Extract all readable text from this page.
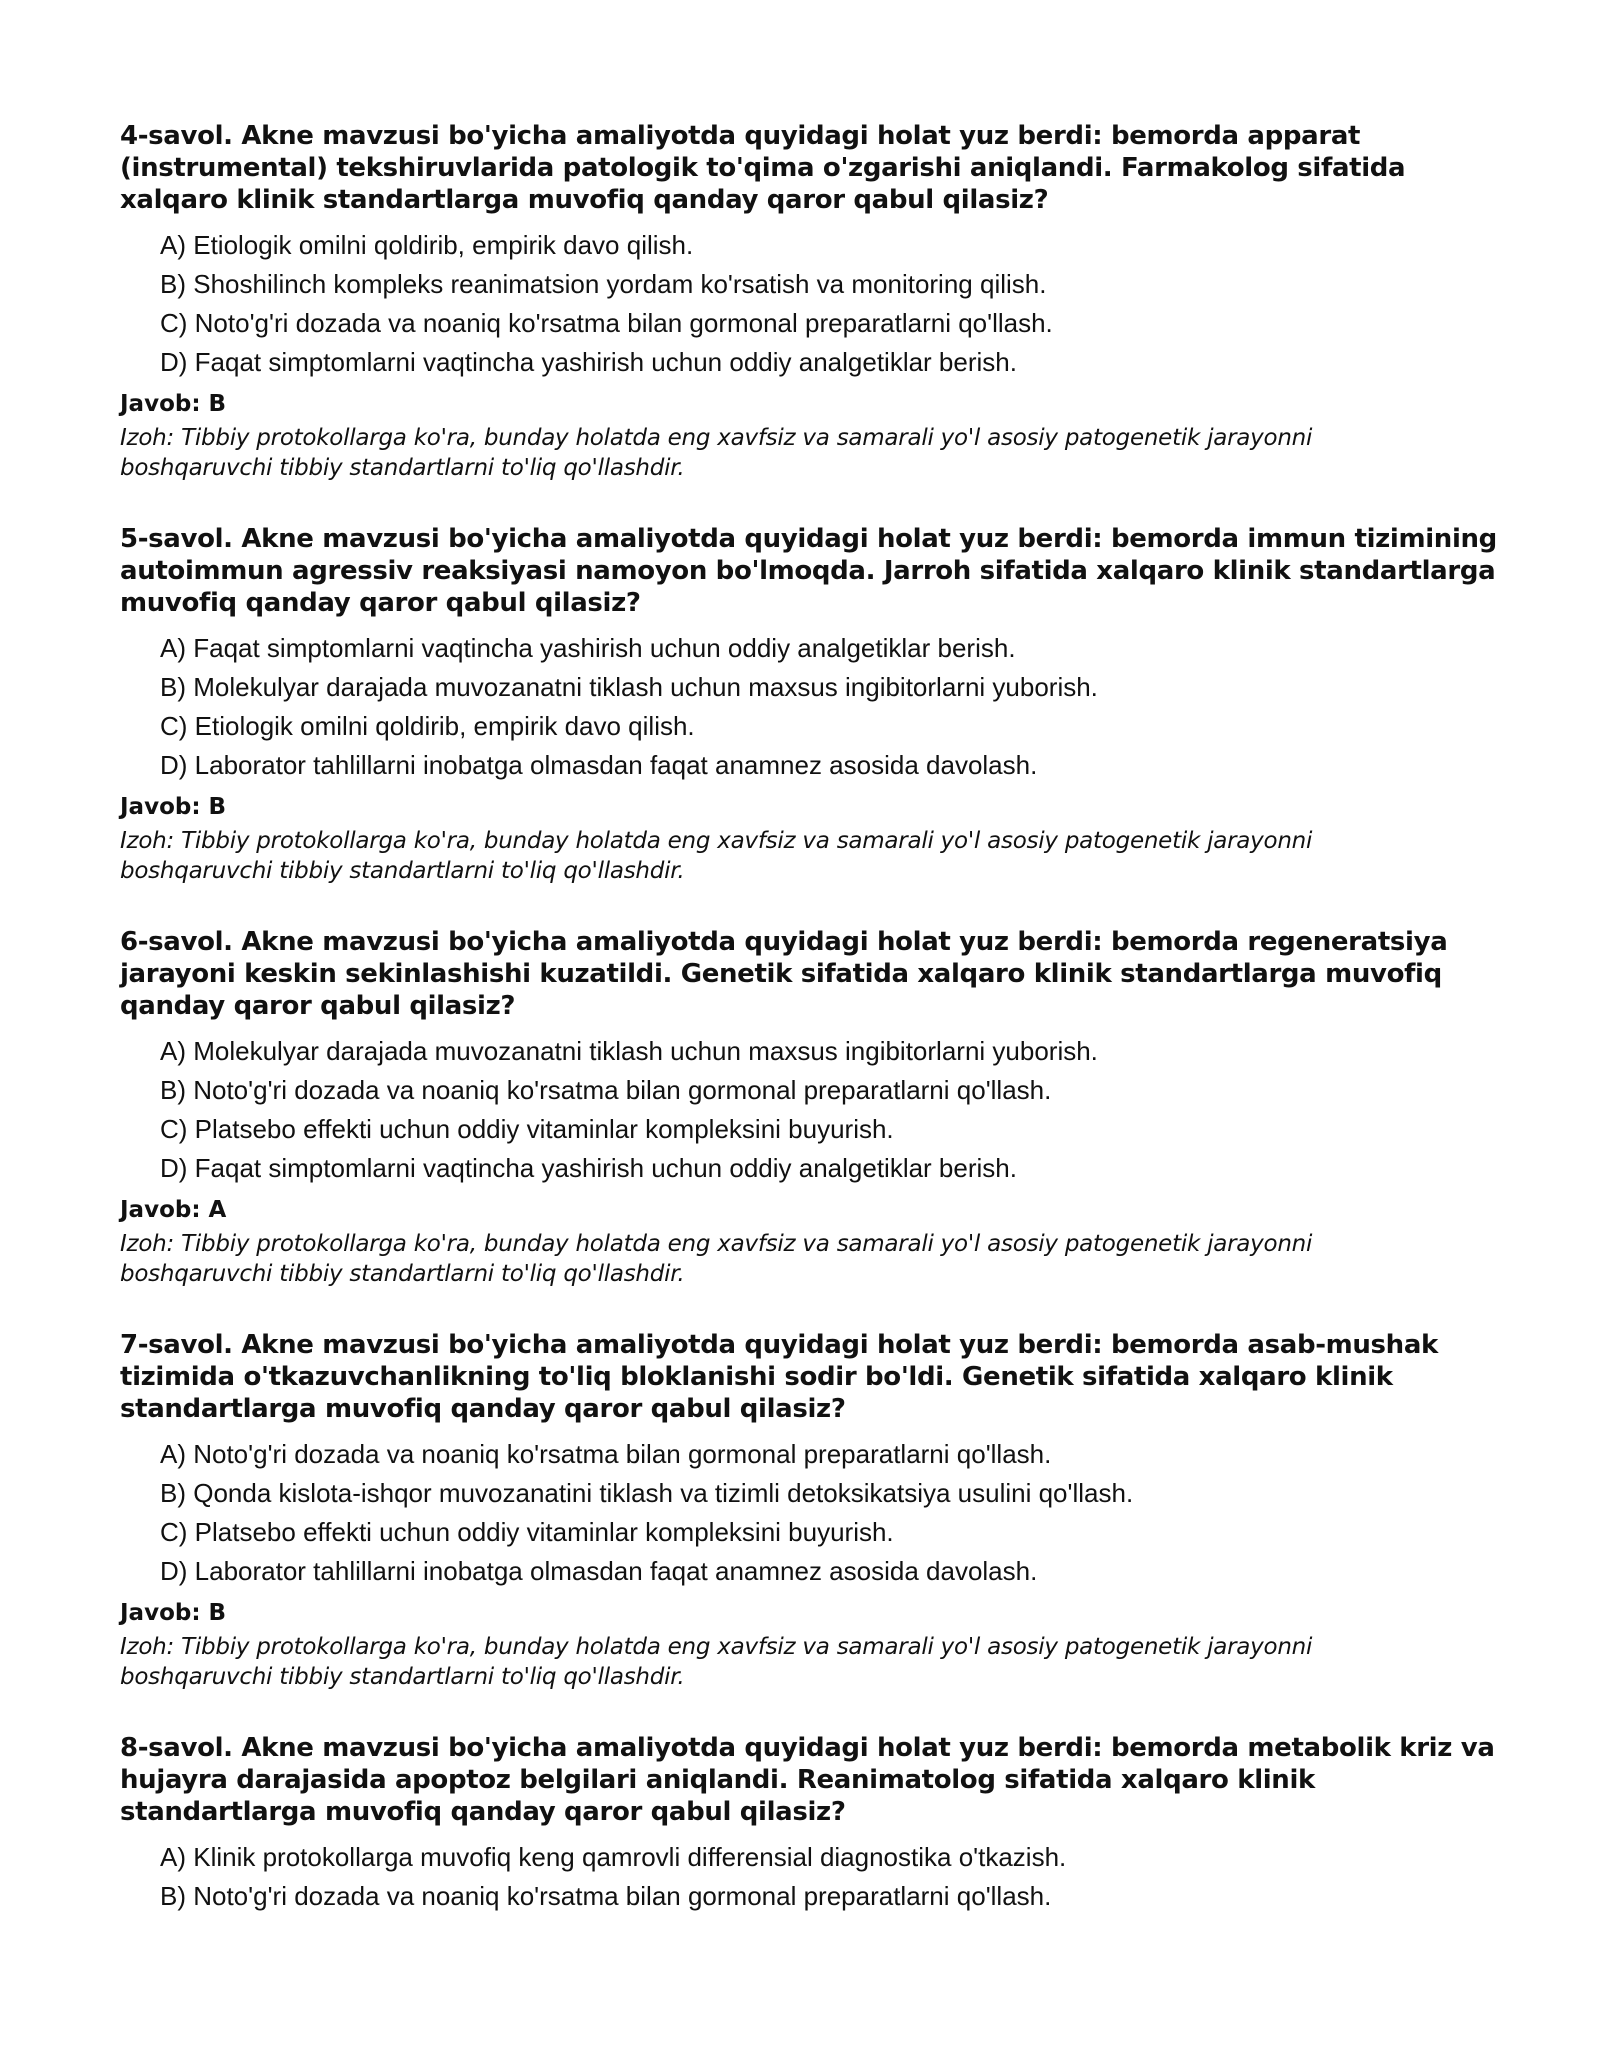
4-savol. Akne mavzusi bo'yicha amaliyotda quyidagi holat yuz berdi: bemorda apparat (instrumental) tekshiruvlarida patologik to'qima o'zgarishi aniqlandi. Farmakolog sifatida xalqaro klinik standartlarga muvofiq qanday qaror qabul qilasiz?

A) Etiologik omilni qoldirib, empirik davo qilish.
B) Shoshilinch kompleks reanimatsion yordam ko'rsatish va monitoring qilish.
C) Noto'g'ri dozada va noaniq ko'rsatma bilan gormonal preparatlarni qo'llash.
D) Faqat simptomlarni vaqtincha yashirish uchun oddiy analgetiklar berish.
Javob: B
Izoh: Tibbiy protokollarga ko'ra, bunday holatda eng xavfsiz va samarali yo'l asosiy patogenetik jarayonni boshqaruvchi tibbiy standartlarni to'liq qo'llashdir.

5-savol. Akne mavzusi bo'yicha amaliyotda quyidagi holat yuz berdi: bemorda immun tizimining autoimmun agressiv reaksiyasi namoyon bo'lmoqda. Jarroh sifatida xalqaro klinik standartlarga muvofiq qanday qaror qabul qilasiz?

A) Faqat simptomlarni vaqtincha yashirish uchun oddiy analgetiklar berish.
B) Molekulyar darajada muvozanatni tiklash uchun maxsus ingibitorlarni yuborish.
C) Etiologik omilni qoldirib, empirik davo qilish.
D) Laborator tahlillarni inobatga olmasdan faqat anamnez asosida davolash.
Javob: B
Izoh: Tibbiy protokollarga ko'ra, bunday holatda eng xavfsiz va samarali yo'l asosiy patogenetik jarayonni boshqaruvchi tibbiy standartlarni to'liq qo'llashdir.

6-savol. Akne mavzusi bo'yicha amaliyotda quyidagi holat yuz berdi: bemorda regeneratsiya jarayoni keskin sekinlashishi kuzatildi. Genetik sifatida xalqaro klinik standartlarga muvofiq qanday qaror qabul qilasiz?

A) Molekulyar darajada muvozanatni tiklash uchun maxsus ingibitorlarni yuborish.
B) Noto'g'ri dozada va noaniq ko'rsatma bilan gormonal preparatlarni qo'llash.
C) Platsebo effekti uchun oddiy vitaminlar kompleksini buyurish.
D) Faqat simptomlarni vaqtincha yashirish uchun oddiy analgetiklar berish.
Javob: A
Izoh: Tibbiy protokollarga ko'ra, bunday holatda eng xavfsiz va samarali yo'l asosiy patogenetik jarayonni boshqaruvchi tibbiy standartlarni to'liq qo'llashdir.

7-savol. Akne mavzusi bo'yicha amaliyotda quyidagi holat yuz berdi: bemorda asab-mushak tizimida o'tkazuvchanlikning to'liq bloklanishi sodir bo'ldi. Genetik sifatida xalqaro klinik standartlarga muvofiq qanday qaror qabul qilasiz?

A) Noto'g'ri dozada va noaniq ko'rsatma bilan gormonal preparatlarni qo'llash.
B) Qonda kislota-ishqor muvozanatini tiklash va tizimli detoksikatsiya usulini qo'llash.
C) Platsebo effekti uchun oddiy vitaminlar kompleksini buyurish.
D) Laborator tahlillarni inobatga olmasdan faqat anamnez asosida davolash.
Javob: B
Izoh: Tibbiy protokollarga ko'ra, bunday holatda eng xavfsiz va samarali yo'l asosiy patogenetik jarayonni boshqaruvchi tibbiy standartlarni to'liq qo'llashdir.

8-savol. Akne mavzusi bo'yicha amaliyotda quyidagi holat yuz berdi: bemorda metabolik kriz va hujayra darajasida apoptoz belgilari aniqlandi. Reanimatolog sifatida xalqaro klinik standartlarga muvofiq qanday qaror qabul qilasiz?

A) Klinik protokollarga muvofiq keng qamrovli differensial diagnostika o'tkazish.
B) Noto'g'ri dozada va noaniq ko'rsatma bilan gormonal preparatlarni qo'llash.
